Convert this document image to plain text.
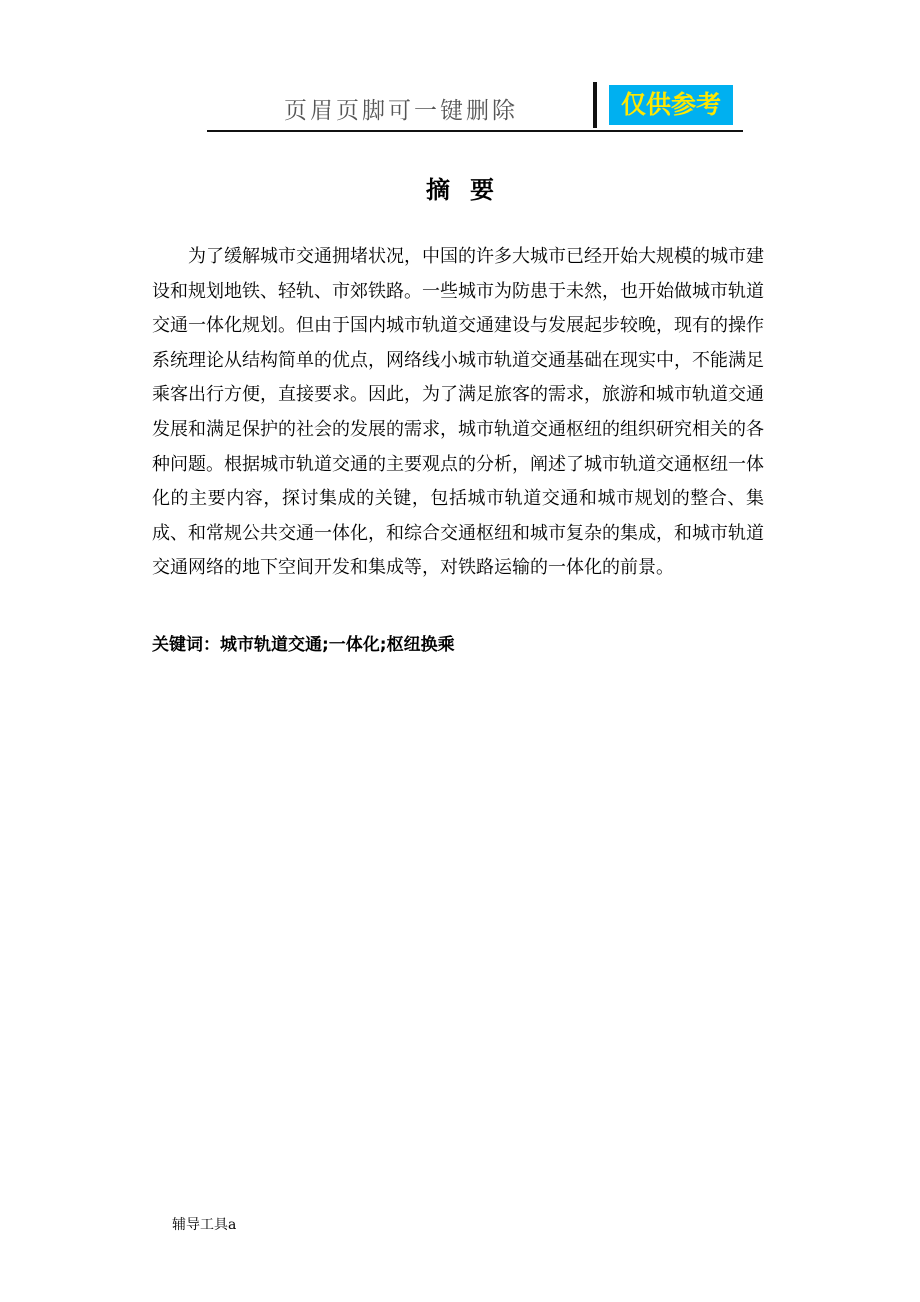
页眉页脚可一键删除	仅供参考
摘要

为了缓解城市交通拥堵状况，中国的许多大城市已经开始大规模的城市建设和规划地铁、轻轨、市郊铁路。一些城市为防患于未然，也开始做城市轨道交通一体化规划。但由于国内城市轨道交通建设与发展起步较晚，现有的操作系统理论从结构简单的优点，网络线小城市轨道交通基础在现实中，不能满足乘客出行方便，直接要求。因此，为了满足旅客的需求，旅游和城市轨道交通发展和满足保护的社会的发展的需求，城市轨道交通枢纽的组织研究相关的各种问题。根据城市轨道交通的主要观点的分析，阐述了城市轨道交通枢纽一体化的主要内容，探讨集成的关键，包括城市轨道交通和城市规划的整合、集成、和常规公共交通一体化，和综合交通枢纽和城市复杂的集成，和城市轨道交通网络的地下空间开发和集成等，对铁路运输的一体化的前景。

关键词：城市轨道交通;一体化;枢纽换乘
辅导工具a
